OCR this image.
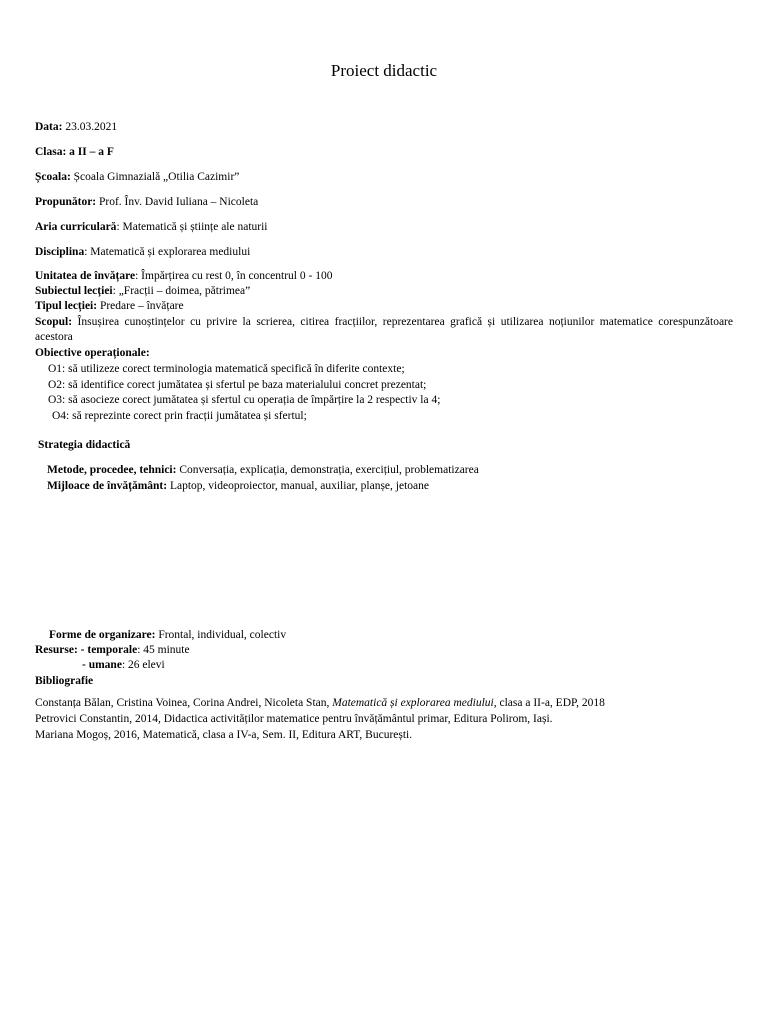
Proiect didactic
Data: 23.03.2021
Clasa: a II – a F
Școala: Școala Gimnazială „Otilia Cazimir”
Propunător: Prof. Înv. David Iuliana – Nicoleta
Aria curriculară: Matematică și științe ale naturii
Disciplina: Matematică și explorarea mediului
Unitatea de învățare: Împărțirea cu rest 0, în concentrul 0 - 100
Subiectul lecției: „Fracții – doimea, pătrimea”
Tipul lecției: Predare – învățare
Scopul: Însușirea cunoștințelor cu privire la scrierea, citirea fracțiilor, reprezentarea grafică și utilizarea noțiunilor matematice corespunzătoare acestora
Obiective operaționale:
O1: să utilizeze corect terminologia matematică specifică în diferite contexte;
O2: să identifice corect jumătatea și sfertul pe baza materialului concret prezentat;
O3: să asocieze corect jumătatea și sfertul cu operația de împărțire la 2 respectiv la 4;
O4: să reprezinte corect prin fracții jumătatea și sfertul;
Strategia didactică
Metode, procedee, tehnici: Conversația, explicația, demonstrația, exercițiul, problematizarea
Mijloace de învățământ: Laptop, videoproiector, manual, auxiliar, planșe, jetoane
Forme de organizare: Frontal, individual, colectiv
Resurse: - temporale: 45 minute
- umane: 26 elevi
Bibliografie
Constanța Bălan, Cristina Voinea, Corina Andrei, Nicoleta Stan, Matematică și explorarea mediului, clasa a II-a, EDP, 2018
Petrovici Constantin, 2014, Didactica activităților matematice pentru învățământul primar, Editura Polirom, Iași.
Mariana Mogoș, 2016, Matematică, clasa a IV-a, Sem. II, Editura ART, București.
